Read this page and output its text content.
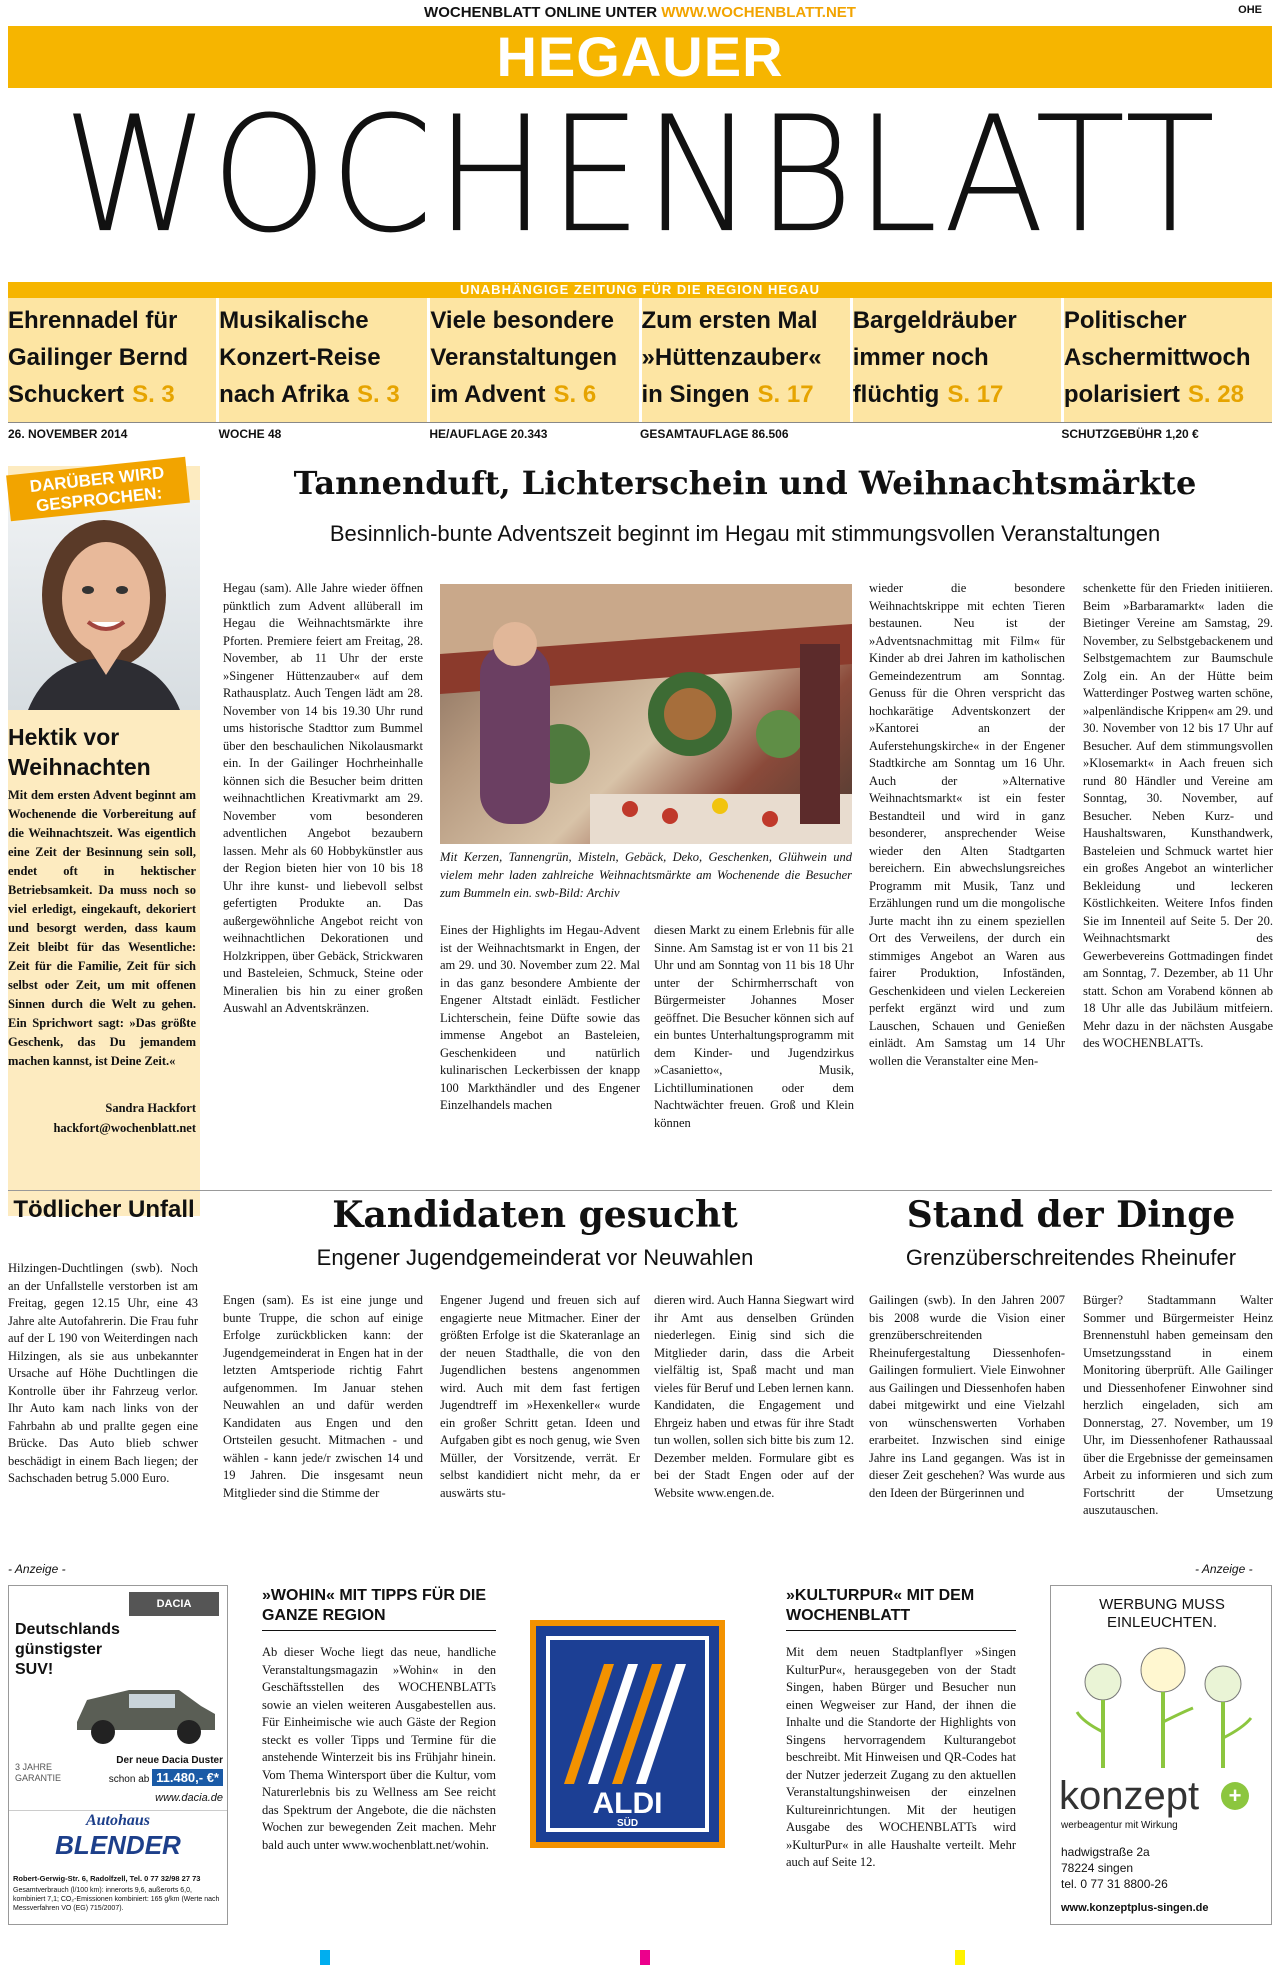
WOCHENBLATT ONLINE UNTER WWW.WOCHENBLATT.NET	OHE
HEGAUER
WOCHENBLATT
UNABHÄNGIGE ZEITUNG FÜR DIE REGION HEGAU
Ehrennadel für
Gailinger Bernd
Schuckert S. 3
Musikalische
Konzert-Reise
nach Afrika S. 3
Viele besondere
Veranstaltungen
im Advent S. 6
Zum ersten Mal
»Hüttenzauber«
in Singen S. 17
Bargeldräuber
immer noch
flüchtig S. 17
Politischer
Aschermittwoch
polarisiert S. 28
26. NOVEMBER 2014	WOCHE 48	HE/AUFLAGE 20.343	GESAMTAUFLAGE 86.506	SCHUTZGEBÜHR 1,20 €
DARÜBER WIRD GESPROCHEN:
Hektik vor Weihnachten
Mit dem ersten Advent beginnt am Wochenende die Vorbereitung auf die Weihnachtszeit. Was eigentlich eine Zeit der Besinnung sein soll, endet oft in hektischer Betriebsamkeit. Da muss noch so viel erledigt, eingekauft, dekoriert und besorgt werden, dass kaum Zeit bleibt für das Wesentliche: Zeit für die Familie, Zeit für sich selbst oder Zeit, um mit offenen Sinnen durch die Welt zu gehen. Ein Sprichwort sagt: »Das größte Geschenk, das Du jemandem machen kannst, ist Deine Zeit.«
Sandra Hackfort
hackfort@wochenblatt.net
Tannenduft, Lichterschein und Weihnachtsmärkte
Besinnlich-bunte Adventszeit beginnt im Hegau mit stimmungsvollen Veranstaltungen
Hegau (sam). Alle Jahre wieder öffnen pünktlich zum Advent allüberall im Hegau die Weihnachtsmärkte ihre Pforten. Premiere feiert am Freitag, 28. November, ab 11 Uhr der erste »Singener Hüttenzauber« auf dem Rathausplatz. Auch Tengen lädt am 28. November von 14 bis 19.30 Uhr rund ums historische Stadttor zum Bummel über den beschaulichen Nikolausmarkt ein. In der Gailinger Hochrheinhalle können sich die Besucher beim dritten weihnachtlichen Kreativmarkt am 29. November vom besonderen adventlichen Angebot bezaubern lassen. Mehr als 60 Hobbykünstler aus der Region bieten hier von 10 bis 18 Uhr ihre kunst- und liebevoll selbst gefertigten Produkte an. Das außergewöhnliche Angebot reicht von weihnachtlichen Dekorationen und Holzkrippen, über Gebäck, Strickwaren und Basteleien, Schmuck, Steine oder Mineralien bis hin zu einer großen Auswahl an Adventskränzen.
Mit Kerzen, Tannengrün, Misteln, Gebäck, Deko, Geschenken, Glühwein und vielem mehr laden zahlreiche Weihnachtsmärkte am Wochenende die Besucher zum Bummeln ein. swb-Bild: Archiv
Eines der Highlights im Hegau-Advent ist der Weihnachtsmarkt in Engen, der am 29. und 30. November zum 22. Mal in das ganz besondere Ambiente der Engener Altstadt einlädt. Festlicher Lichterschein, feine Düfte sowie das immense Angebot an Basteleien, Geschenkideen und natürlich kulinarischen Leckerbissen der knapp 100 Markthändler und des Engener Einzelhandels machen
diesen Markt zu einem Erlebnis für alle Sinne. Am Samstag ist er von 11 bis 21 Uhr und am Sonntag von 11 bis 18 Uhr unter der Schirmherrschaft von Bürgermeister Johannes Moser geöffnet. Die Besucher können sich auf ein buntes Unterhaltungsprogramm mit dem Kinder- und Jugendzirkus »Casanietto«, Musik, Lichtilluminationen oder dem Nachtwächter freuen. Groß und Klein können
wieder die besondere Weihnachtskrippe mit echten Tieren bestaunen. Neu ist der »Adventsnachmittag mit Film« für Kinder ab drei Jahren im katholischen Gemeindezentrum am Sonntag. Genuss für die Ohren verspricht das hochkarätige Adventskonzert der »Kantorei an der Auferstehungskirche« in der Engener Stadtkirche am Sonntag um 16 Uhr. Auch der »Alternative Weihnachtsmarkt« ist ein fester Bestandteil und wird in ganz besonderer, ansprechender Weise wieder den Alten Stadtgarten bereichern. Ein abwechslungsreiches Programm mit Musik, Tanz und Erzählungen rund um die mongolische Jurte macht ihn zu einem speziellen Ort des Verweilens, der durch ein stimmiges Angebot an Waren aus fairer Produktion, Infoständen, Geschenkideen und vielen Leckereien perfekt ergänzt wird und zum Lauschen, Schauen und Genießen einlädt. Am Samstag um 14 Uhr wollen die Veranstalter eine Men-
schenkette für den Frieden initiieren. Beim »Barbaramarkt« laden die Bietinger Vereine am Samstag, 29. November, zu Selbstgebackenem und Selbstgemachtem zur Baumschule Zolg ein. An der Hütte beim Watterdinger Postweg warten schöne, »alpenländische Krippen« am 29. und 30. November von 12 bis 17 Uhr auf Besucher. Auf dem stimmungsvollen »Klosemarkt« in Aach freuen sich rund 80 Händler und Vereine am Sonntag, 30. November, auf Besucher. Neben Kurz- und Haushaltswaren, Kunsthandwerk, Basteleien und Schmuck wartet hier ein großes Angebot an winterlicher Bekleidung und leckeren Köstlichkeiten. Weitere Infos finden Sie im Innenteil auf Seite 5. Der 20. Weihnachtsmarkt des Gewerbevereins Gottmadingen findet am Sonntag, 7. Dezember, ab 11 Uhr statt. Schon am Vorabend können ab 18 Uhr alle das Jubiläum mitfeiern. Mehr dazu in der nächsten Ausgabe des WOCHENBLATTs.
Tödlicher Unfall
Hilzingen-Duchtlingen (swb). Noch an der Unfallstelle verstorben ist am Freitag, gegen 12.15 Uhr, eine 43 Jahre alte Autofahrerin. Die Frau fuhr auf der L 190 von Weiterdingen nach Hilzingen, als sie aus unbekannter Ursache auf Höhe Duchtlingen die Kontrolle über ihr Fahrzeug verlor. Ihr Auto kam nach links von der Fahrbahn ab und prallte gegen eine Brücke. Das Auto blieb schwer beschädigt in einem Bach liegen; der Sachschaden betrug 5.000 Euro.
Kandidaten gesucht
Engener Jugendgemeinderat vor Neuwahlen
Engen (sam). Es ist eine junge und bunte Truppe, die schon auf einige Erfolge zurückblicken kann: der Jugendgemeinderat in Engen hat in der letzten Amtsperiode richtig Fahrt aufgenommen. Im Januar stehen Neuwahlen an und dafür werden Kandidaten aus Engen und den Ortsteilen gesucht. Mitmachen - und wählen - kann jede/r zwischen 14 und 19 Jahren. Die insgesamt neun Mitglieder sind die Stimme der
Engener Jugend und freuen sich auf engagierte neue Mitmacher. Einer der größten Erfolge ist die Skateranlage an der neuen Stadthalle, die von den Jugendlichen bestens angenommen wird. Auch mit dem fast fertigen Jugendtreff im »Hexenkeller« wurde ein großer Schritt getan. Ideen und Aufgaben gibt es noch genug, wie Sven Müller, der Vorsitzende, verrät. Er selbst kandidiert nicht mehr, da er auswärts stu-
dieren wird. Auch Hanna Siegwart wird ihr Amt aus denselben Gründen niederlegen. Einig sind sich die Mitglieder darin, dass die Arbeit vielfältig ist, Spaß macht und man vieles für Beruf und Leben lernen kann. Kandidaten, die Engagement und Ehrgeiz haben und etwas für ihre Stadt tun wollen, sollen sich bitte bis zum 12. Dezember melden. Formulare gibt es bei der Stadt Engen oder auf der Website www.engen.de.
Stand der Dinge
Grenzüberschreitendes Rheinufer
Gailingen (swb). In den Jahren 2007 bis 2008 wurde die Vision einer grenzüberschreitenden Rheinufergestaltung Diessenhofen-Gailingen formuliert. Viele Einwohner aus Gailingen und Diessenhofen haben dabei mitgewirkt und eine Vielzahl von wünschenswerten Vorhaben erarbeitet. Inzwischen sind einige Jahre ins Land gegangen. Was ist in dieser Zeit geschehen? Was wurde aus den Ideen der Bürgerinnen und
Bürger? Stadtammann Walter Sommer und Bürgermeister Heinz Brennenstuhl haben gemeinsam den Umsetzungsstand in einem Monitoring überprüft. Alle Gailinger und Diessenhofener Einwohner sind herzlich eingeladen, sich am Donnerstag, 27. November, um 19 Uhr, im Diessenhofener Rathaussaal über die Ergebnisse der gemeinsamen Arbeit zu informieren und sich zum Fortschritt der Umsetzung auszutauschen.
- Anzeige -	- Anzeige -
DACIA
Deutschlands günstigster SUV!
3 JAHRE GARANTIE
Der neue Dacia Duster
schon ab 11.480,- €*
www.dacia.de
Autohaus
BLENDER
Robert-Gerwig-Str. 6, Radolfzell, Tel. 0 77 32/98 27 73
Gesamtverbrauch (l/100 km): innerorts 9,6, außerorts 6,0, kombiniert 7,1; CO₂-Emissionen kombiniert: 165 g/km (Werte nach Messverfahren VO (EG) 715/2007).
»WOHIN« MIT TIPPS FÜR DIE GANZE REGION
Ab dieser Woche liegt das neue, handliche Veranstaltungsmagazin »Wohin« in den Geschäftsstellen des WOCHENBLATTs sowie an vielen weiteren Ausgabestellen aus. Für Einheimische wie auch Gäste der Region steckt es voller Tipps und Termine für die anstehende Winterzeit bis ins Frühjahr hinein. Vom Thema Wintersport über die Kultur, vom Naturerlebnis bis zu Wellness am See reicht das Spektrum der Angebote, die die nächsten Wochen zur bewegenden Zeit machen. Mehr bald auch unter www.wochenblatt.net/wohin.
ALDI
SÜD
»KULTURPUR« MIT DEM WOCHENBLATT
Mit dem neuen Stadtplanflyer »Singen KulturPur«, herausgegeben von der Stadt Singen, haben Bürger und Besucher nun einen Wegweiser zur Hand, der ihnen die Inhalte und die Standorte der Highlights von Singens hervorragendem Kulturangebot beschreibt. Mit Hinweisen und QR-Codes hat der Nutzer jederzeit Zugang zu den aktuellen Veranstaltungshinweisen der einzelnen Kultureinrichtungen. Mit der heutigen Ausgabe des WOCHENBLATTs wird »KulturPur« in alle Haushalte verteilt. Mehr auch auf Seite 12.
WERBUNG MUSS EINLEUCHTEN.
konzept	+
werbeagentur mit Wirkung
hadwigstraße 2a
78224 singen
tel. 0 77 31 8800-26
www.konzeptplus-singen.de
